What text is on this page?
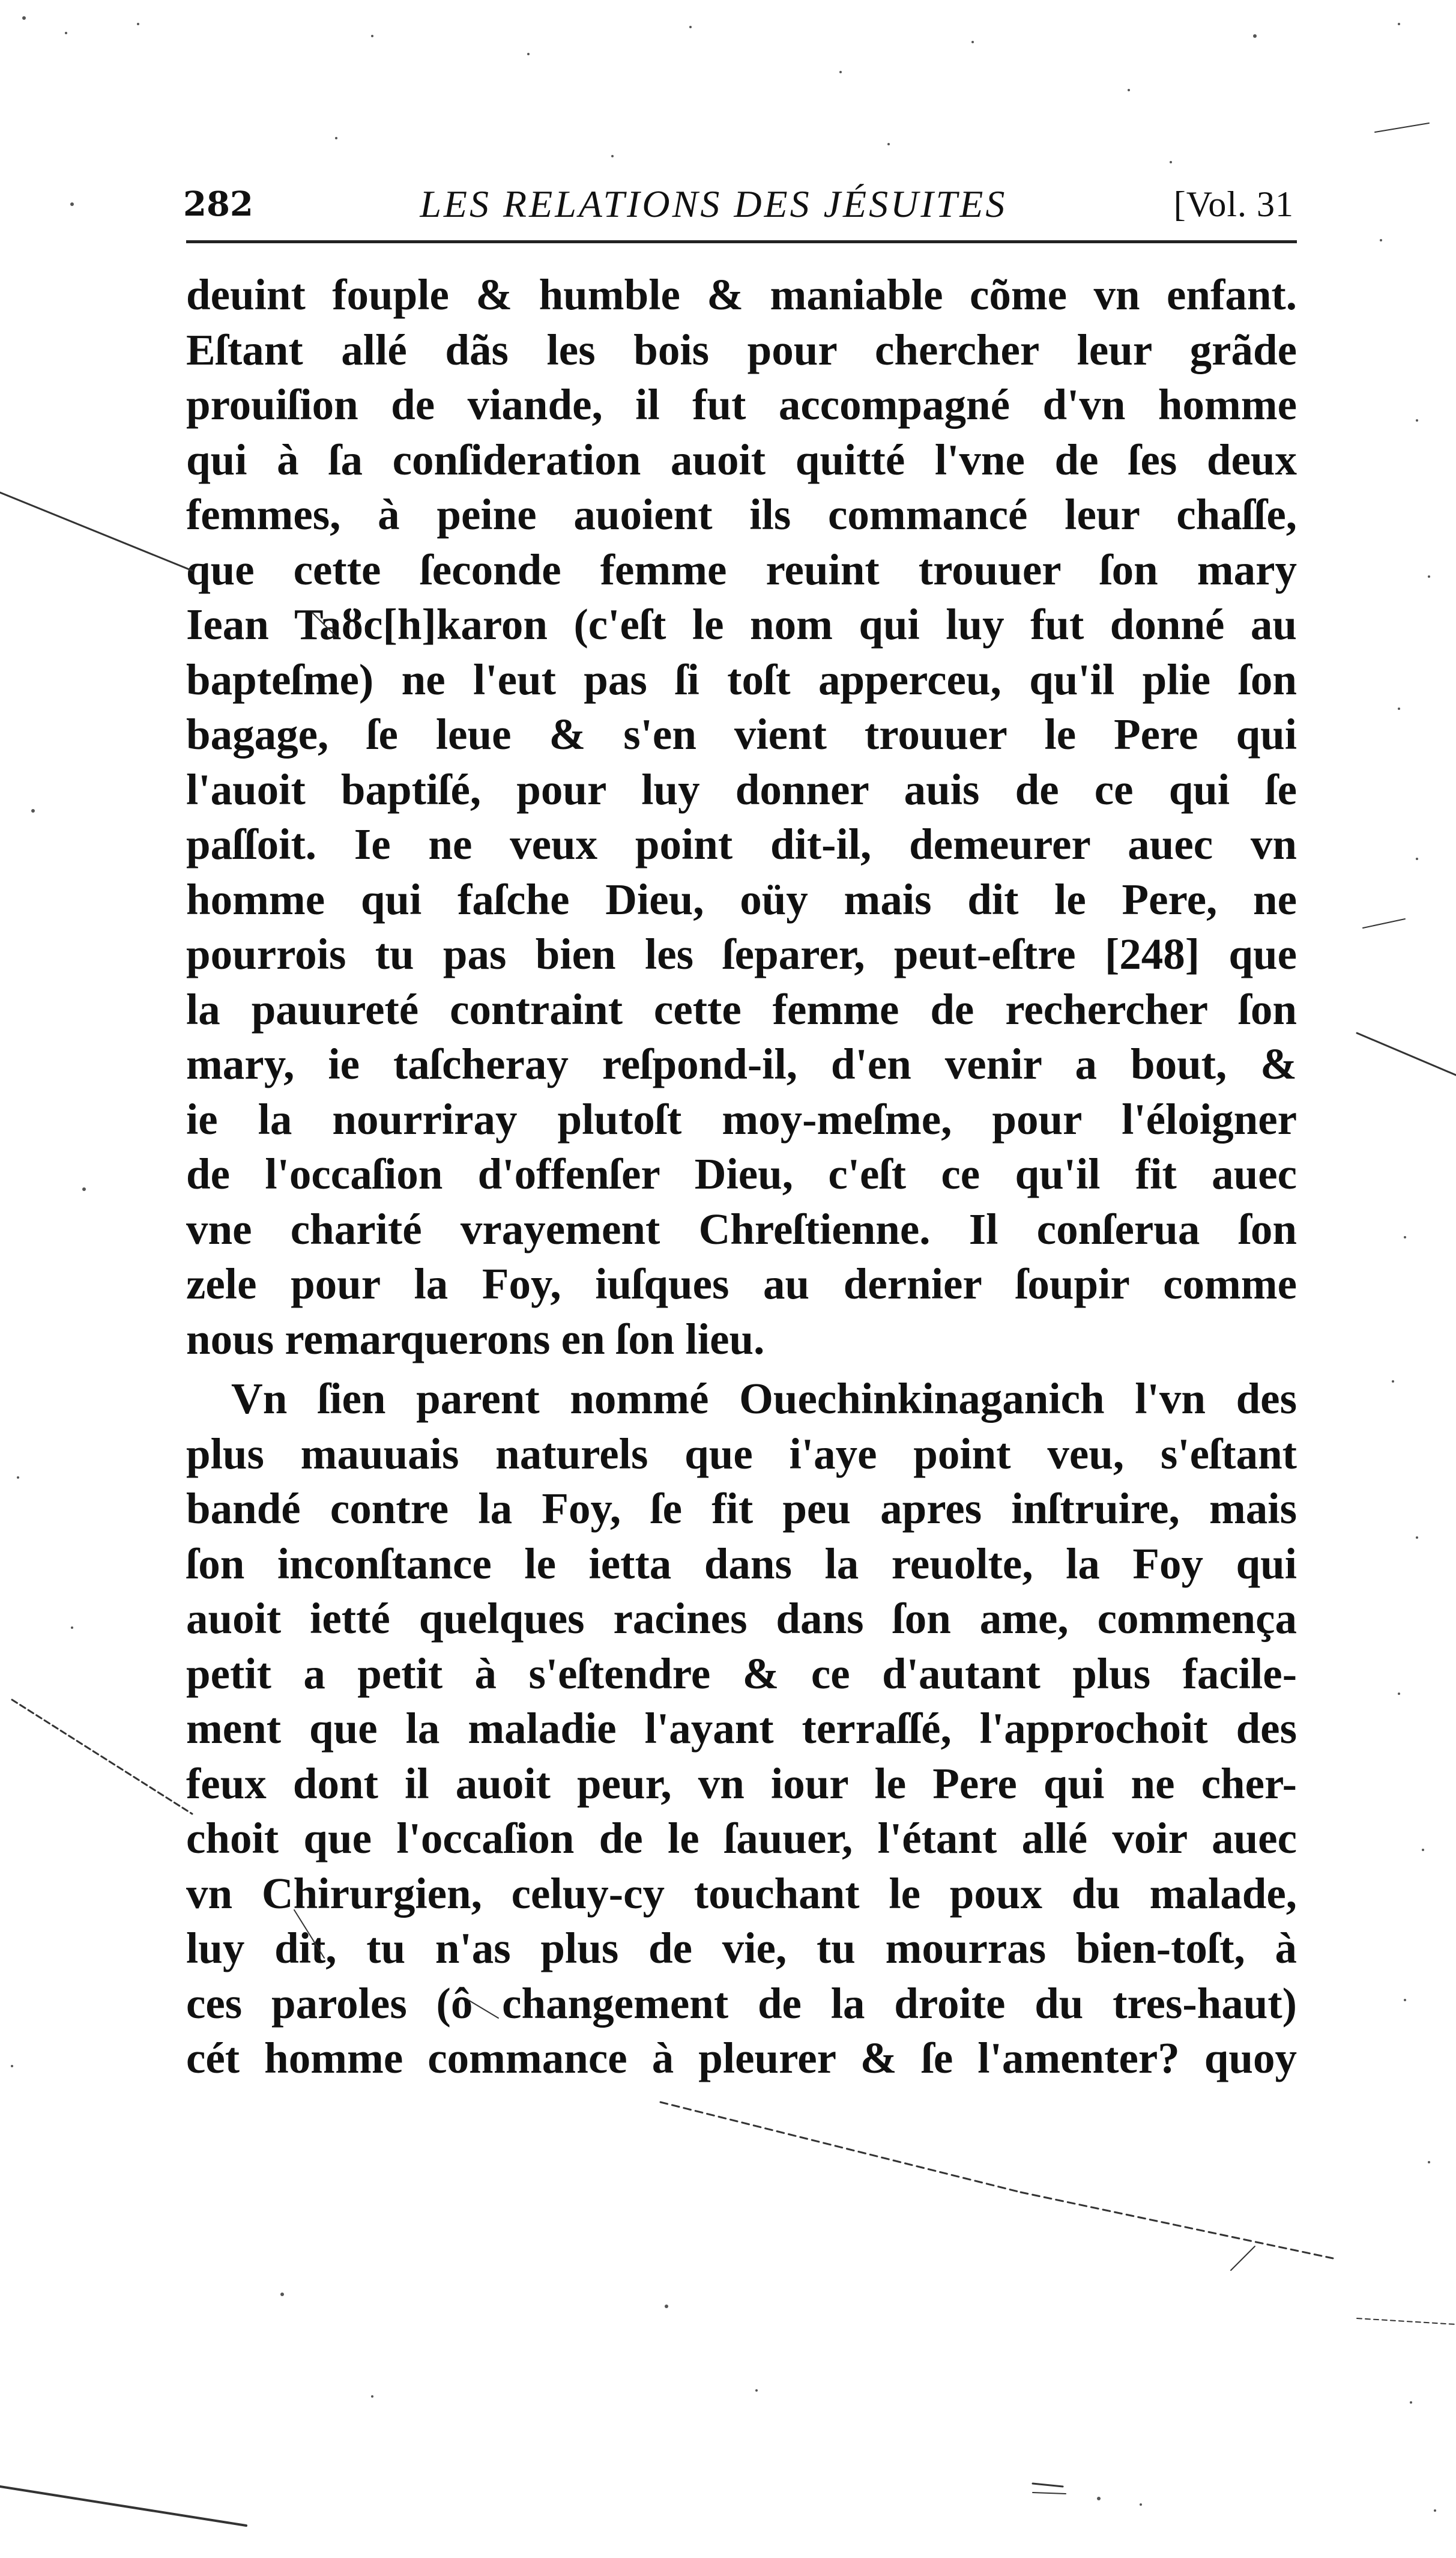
282	LES RELATIONS DES JÉSUITES	[Vol. 31
deuint fouple & humble & maniable cõme vn enfant.
Eſtant allé dãs les bois pour chercher leur grãde
prouiſion de viande, il fut accompagné d'vn homme
qui à ſa conſideration auoit quitté l'vne de ſes deux
femmes, à peine auoient ils commancé leur chaſſe,
que cette ſeconde femme reuint trouuer ſon mary
Iean Taȣc[h]karon (c'eſt le nom qui luy fut donné au
bapteſme) ne l'eut pas ſi toſt apperceu, qu'il plie ſon
bagage, ſe leue & s'en vient trouuer le Pere qui
l'auoit baptiſé, pour luy donner auis de ce qui ſe
paſſoit. Ie ne veux point dit-il, demeurer auec vn
homme qui faſche Dieu, oüy mais dit le Pere, ne
pourrois tu pas bien les ſeparer, peut-eſtre [248] que
la pauureté contraint cette femme de rechercher ſon
mary, ie taſcheray reſpond-il, d'en venir a bout, &
ie la nourriray plutoſt moy-meſme, pour l'éloigner
de l'occaſion d'offenſer Dieu, c'eſt ce qu'il fit auec
vne charité vrayement Chreſtienne. Il conſerua ſon
zele pour la Foy, iuſques au dernier ſoupir comme
nous remarquerons en ſon lieu.
Vn ſien parent nommé Ouechinkinaganich l'vn des
plus mauuais naturels que i'aye point veu, s'eſtant
bandé contre la Foy, ſe fit peu apres inſtruire, mais
ſon inconſtance le ietta dans la reuolte, la Foy qui
auoit ietté quelques racines dans ſon ame, commença
petit a petit à s'eſtendre & ce d'autant plus facile-
ment que la maladie l'ayant terraſſé, l'approchoit des
feux dont il auoit peur, vn iour le Pere qui ne cher-
choit que l'occaſion de le ſauuer, l'étant allé voir auec
vn Chirurgien, celuy-cy touchant le poux du malade,
luy dit, tu n'as plus de vie, tu mourras bien-toſt, à
ces paroles (ô changement de la droite du tres-haut)
cét homme commance à pleurer & ſe l'amenter? quoy
